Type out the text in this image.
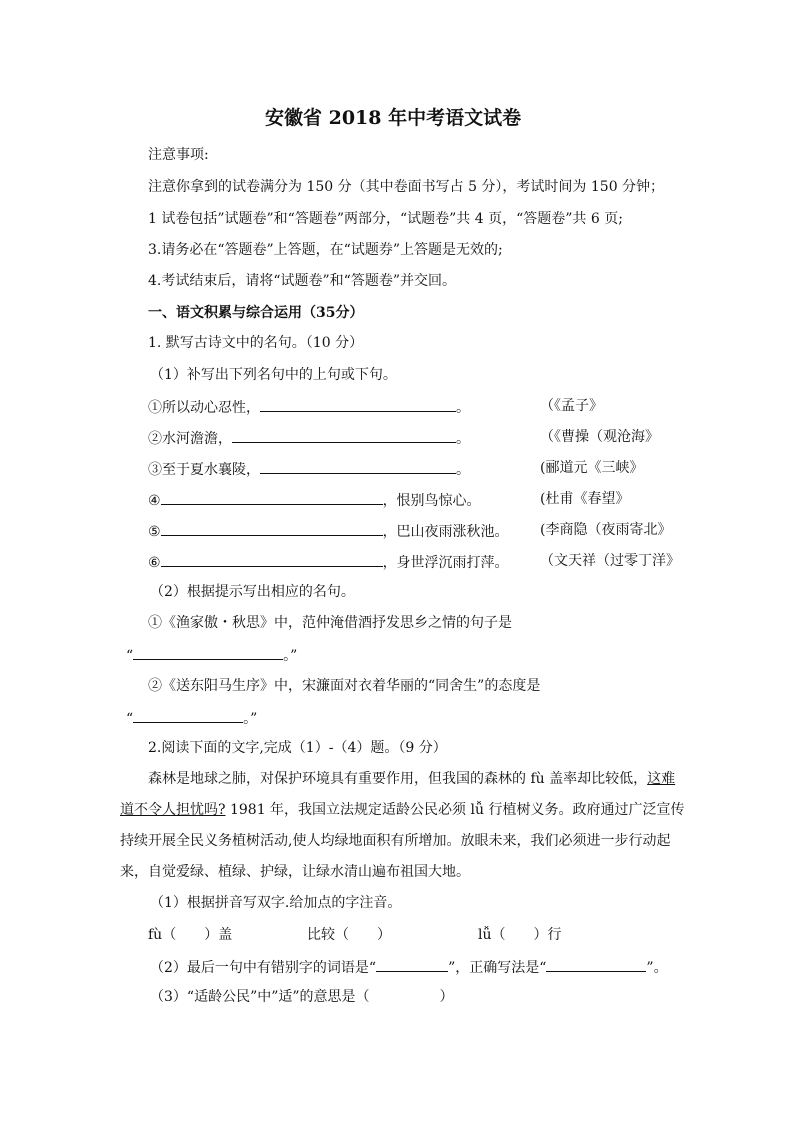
安徽省 2018 年中考语文试卷
注意事项:
注意你拿到的试卷满分为 150 分（其中卷面书写占 5 分），考试时间为 150 分钟；
1 试卷包括”试题卷”和“答题卷”两部分，“试题卷”共 4 页，“答题卷”共 6 页;
3.请务必在“答题卷”上答题，在“试题券”上答题是无效的;
4.考试结束后，请将“试题卷”和“答题卷”并交回。
一、语文积累与综合运用（35分）
1. 默写古诗文中的名句。（10 分）
（1）补写出下列名句中的上句或下句。
①所以动心忍性，	。	（《孟子》
②水河澹澹，	。	（《曹操（观沧海》
③至于夏水襄陵，	。	(郦道元《三峡》
④	，恨别鸟惊心。	(杜甫《春望》
⑤	，巴山夜雨涨秋池。 (李商隐（夜雨寄北》
⑥	，身世浮沉雨打萍。 （文天祥（过零丁洋》
（2）根据提示写出相应的名句。
①《渔家傲・秋思》中，范仲淹借酒抒发思乡之情的句子是
“	。”
②《送东阳马生序》中，宋濂面对衣着华丽的“同舍生”的态度是
“	。”
2.阅读下面的文字,完成（1）-（4）题。（9 分）
森林是地球之肺，对保护环境具有重要作用，但我国的森林的 fù 盖率却比较低，这难
道不令人担忧吗? 1981 年，我国立法规定适龄公民必须 lǚ 行植树义务。政府通过广泛宣传
持续开展全民义务植树活动,使人均绿地面积有所增加。放眼未来，我们必须进一步行动起
来，自觉爱绿、植绿、护绿，让绿水清山遍布祖国大地。
（1）根据拼音写双字.给加点的字注音。
fù（　　）盖	比较（　　）	lǚ（　　）行
（2）最后一句中有错别字的词语是“	”，正确写法是“	”。
（3）“适龄公民”中”适”的意思是（　　　　　）
